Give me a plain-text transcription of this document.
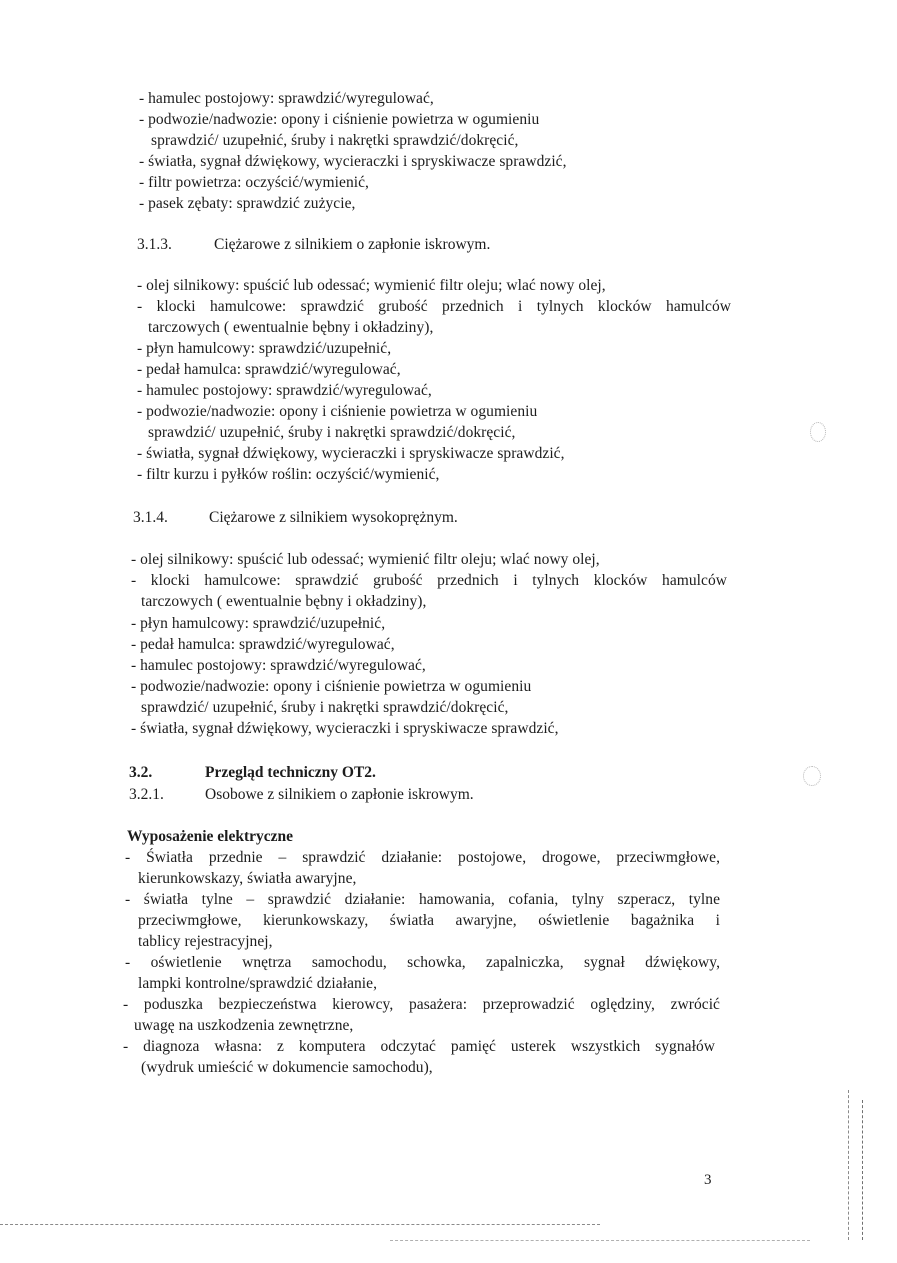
- hamulec postojowy: sprawdzić/wyregulować,
- podwozie/nadwozie: opony i ciśnienie powietrza w ogumieniu
sprawdzić/ uzupełnić, śruby i nakrętki sprawdzić/dokręcić,
- światła, sygnał dźwiękowy, wycieraczki i spryskiwacze sprawdzić,
- filtr powietrza: oczyścić/wymienić,
- pasek zębaty: sprawdzić zużycie,
3.1.3.	Ciężarowe z silnikiem o zapłonie iskrowym.
- olej silnikowy: spuścić lub odessać; wymienić filtr oleju; wlać nowy olej,
- klocki hamulcowe: sprawdzić grubość przednich i tylnych klocków hamulców
tarczowych ( ewentualnie bębny i okładziny),
- płyn hamulcowy: sprawdzić/uzupełnić,
- pedał hamulca: sprawdzić/wyregulować,
- hamulec postojowy: sprawdzić/wyregulować,
- podwozie/nadwozie: opony i ciśnienie powietrza w ogumieniu
sprawdzić/ uzupełnić, śruby i nakrętki sprawdzić/dokręcić,
- światła, sygnał dźwiękowy, wycieraczki i spryskiwacze sprawdzić,
- filtr kurzu i pyłków roślin: oczyścić/wymienić,
3.1.4.	Ciężarowe z silnikiem wysokoprężnym.
- olej silnikowy: spuścić lub odessać; wymienić filtr oleju; wlać nowy olej,
- klocki hamulcowe: sprawdzić grubość przednich i tylnych klocków hamulców
tarczowych ( ewentualnie bębny i okładziny),
- płyn hamulcowy: sprawdzić/uzupełnić,
- pedał hamulca: sprawdzić/wyregulować,
- hamulec postojowy: sprawdzić/wyregulować,
- podwozie/nadwozie: opony i ciśnienie powietrza w ogumieniu
sprawdzić/ uzupełnić, śruby i nakrętki sprawdzić/dokręcić,
- światła, sygnał dźwiękowy, wycieraczki i spryskiwacze sprawdzić,
3.2.	Przegląd techniczny OT2.
3.2.1.	Osobowe z silnikiem o zapłonie iskrowym.
Wyposażenie elektryczne
- Światła przednie – sprawdzić działanie: postojowe, drogowe, przeciwmgłowe,
kierunkowskazy, światła awaryjne,
- światła tylne – sprawdzić działanie: hamowania, cofania, tylny szperacz, tylne
przeciwmgłowe, kierunkowskazy, światła awaryjne, oświetlenie bagażnika i
tablicy rejestracyjnej,
- oświetlenie wnętrza samochodu, schowka, zapalniczka, sygnał dźwiękowy,
lampki kontrolne/sprawdzić działanie,
- poduszka bezpieczeństwa kierowcy, pasażera: przeprowadzić oględziny, zwrócić
uwagę na uszkodzenia zewnętrzne,
- diagnoza własna: z komputera odczytać pamięć usterek wszystkich sygnałów
(wydruk umieścić w dokumencie samochodu),
3
